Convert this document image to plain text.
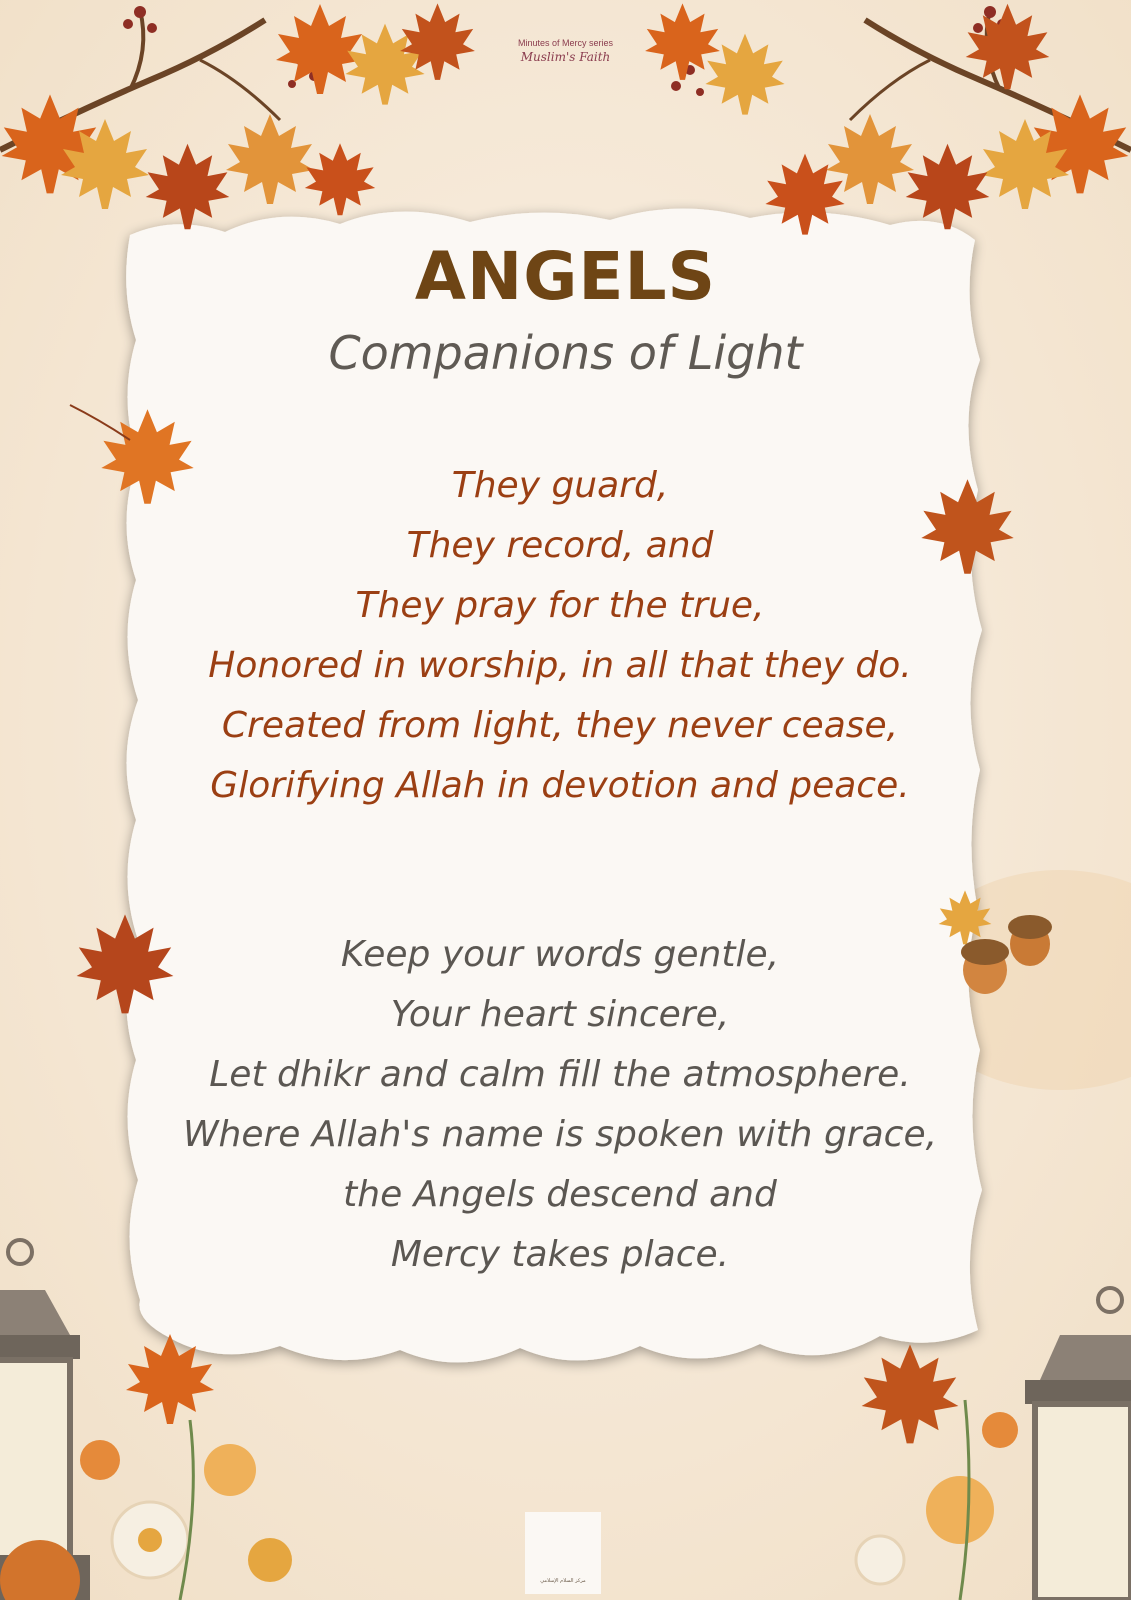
Minutes of Mercy series
Muslim's Faith
ANGELS
Companions of Light
They guard,
They record, and
They pray for the true,
Honored in worship, in all that they do.
Created from light, they never cease,
Glorifying Allah in devotion and peace.
Keep your words gentle,
Your heart sincere,
Let dhikr and calm fill the atmosphere.
Where Allah's name is spoken with grace,
the Angels descend and
Mercy takes place.
مركز السلام الإسلامي
